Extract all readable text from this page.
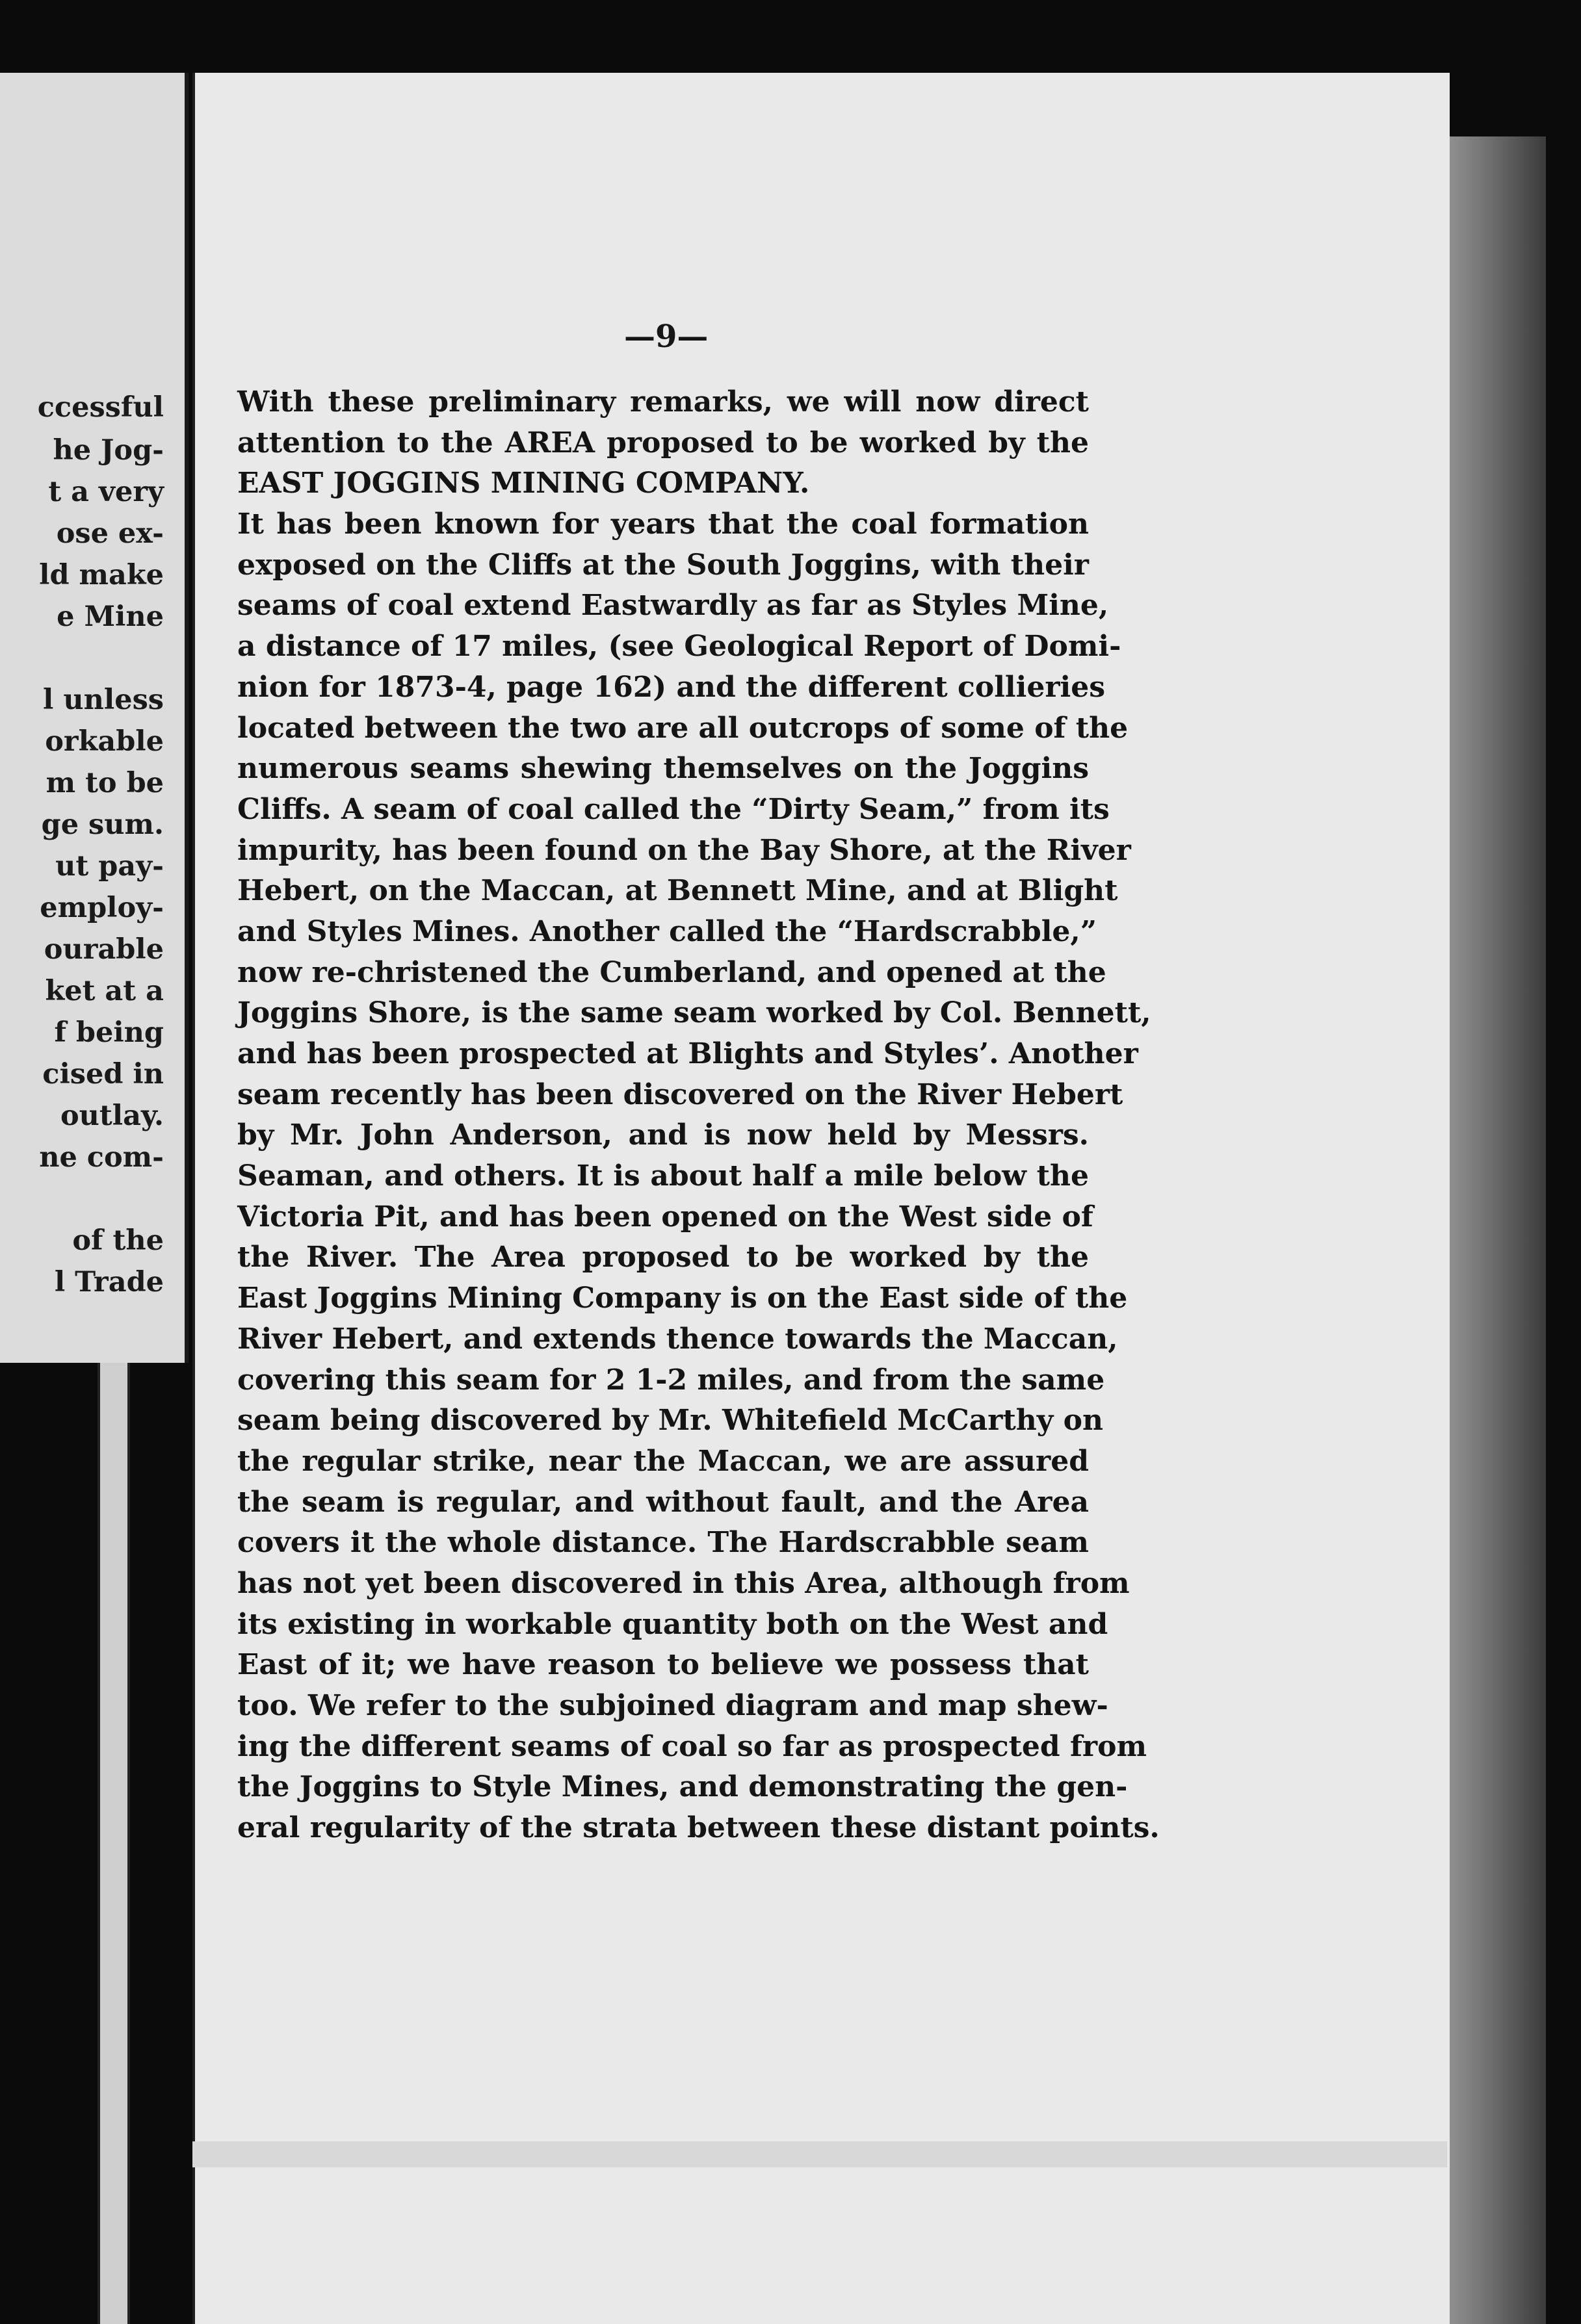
ccessful
he Jog-
t a very
ose ex-
ld make
e Mine
l unless
orkable
m to be
ge sum.
ut pay-
employ-
ourable
ket at a
f being
cised in
outlay.
ne com-
of the
l Trade
—9—
With these preliminary remarks, we will now direct
attention to the AREA proposed to be worked by the
EAST JOGGINS MINING COMPANY.
It has been known for years that the coal formation
exposed on the Cliffs at the South Joggins, with their
seams of coal extend Eastwardly as far as Styles Mine,
a distance of 17 miles, (see Geological Report of Domi-
nion for 1873-4, page 162) and the different collieries
located between the two are all outcrops of some of the
numerous seams shewing themselves on the Joggins
Cliffs. A seam of coal called the “Dirty Seam,” from its
impurity, has been found on the Bay Shore, at the River
Hebert, on the Maccan, at Bennett Mine, and at Blight
and Styles Mines. Another called the “Hardscrabble,”
now re-christened the Cumberland, and opened at the
Joggins Shore, is the same seam worked by Col. Bennett,
and has been prospected at Blights and Styles’. Another
seam recently has been discovered on the River Hebert
by Mr. John Anderson, and is now held by Messrs.
Seaman, and others. It is about half a mile below the
Victoria Pit, and has been opened on the West side of
the River. The Area proposed to be worked by the
East Joggins Mining Company is on the East side of the
River Hebert, and extends thence towards the Maccan,
covering this seam for 2 1-2 miles, and from the same
seam being discovered by Mr. Whitefield McCarthy on
the regular strike, near the Maccan, we are assured
the seam is regular, and without fault, and the Area
covers it the whole distance. The Hardscrabble seam
has not yet been discovered in this Area, although from
its existing in workable quantity both on the West and
East of it; we have reason to believe we possess that
too. We refer to the subjoined diagram and map shew-
ing the different seams of coal so far as prospected from
the Joggins to Style Mines, and demonstrating the gen-
eral regularity of the strata between these distant points.
